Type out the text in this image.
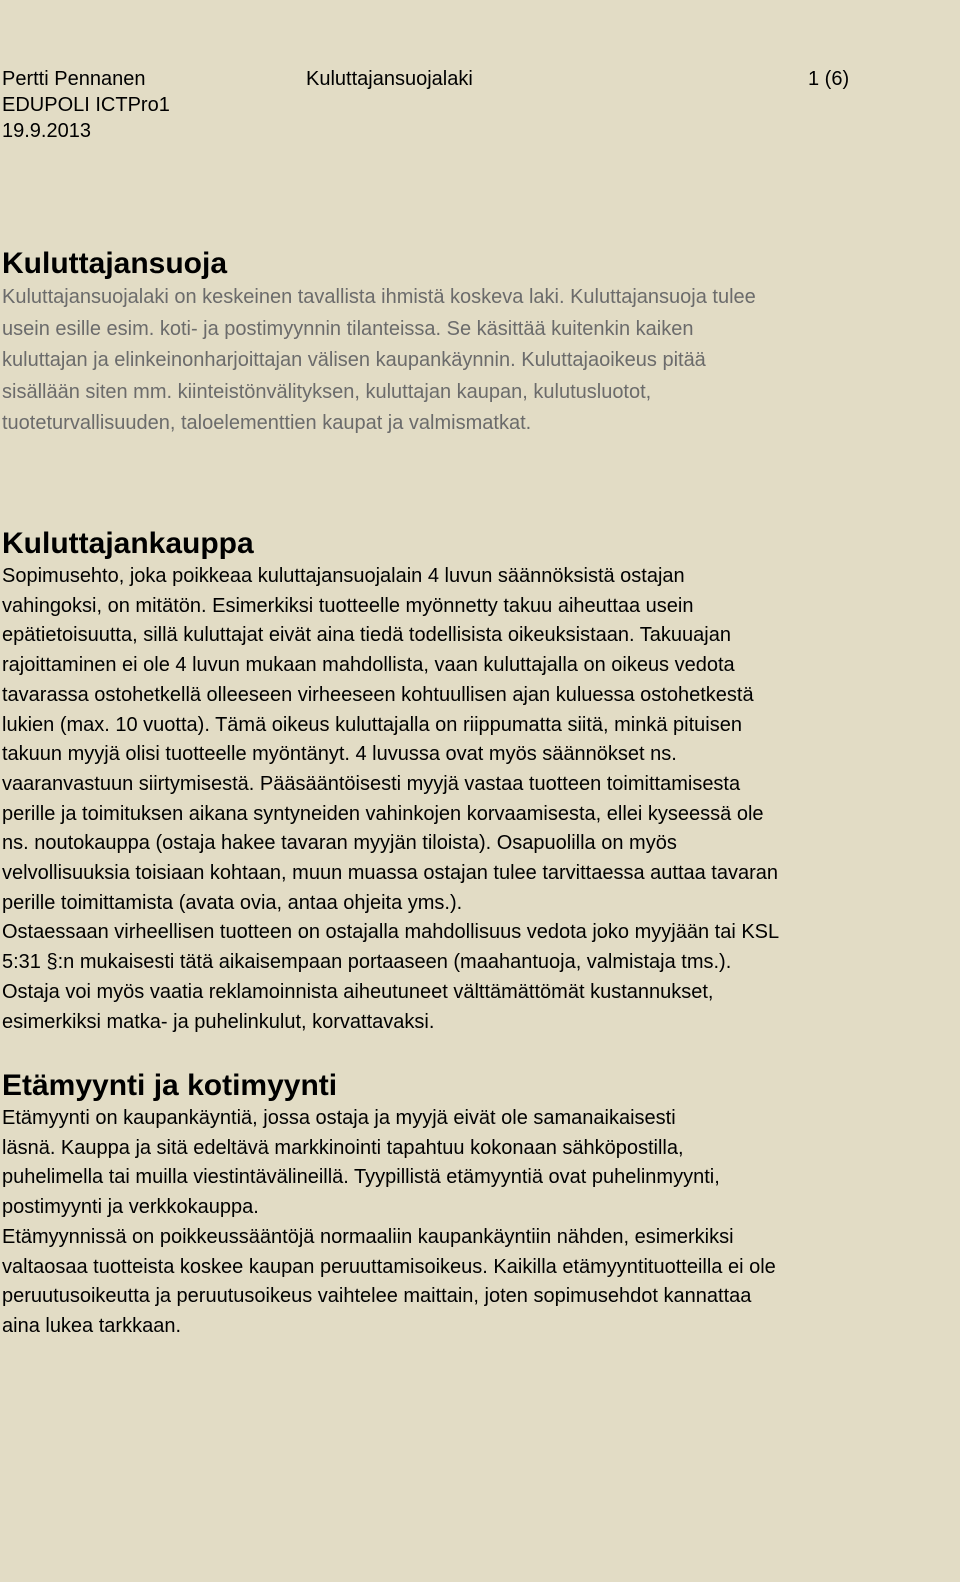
Pertti Pennanen	Kuluttajansuojalaki	1 (6)
EDUPOLI ICTPro1
19.9.2013
Kuluttajansuoja

Kuluttajansuojalaki on keskeinen tavallista ihmistä koskeva laki. Kuluttajansuoja tulee
usein esille esim. koti- ja postimyynnin tilanteissa. Se käsittää kuitenkin kaiken
kuluttajan ja elinkeinonharjoittajan välisen kaupankäynnin. Kuluttajaoikeus pitää
sisällään siten mm. kiinteistönvälityksen, kuluttajan kaupan, kulutusluotot,
tuoteturvallisuuden, taloelementtien kaupat ja valmismatkat.

Kuluttajankauppa

Sopimusehto, joka poikkeaa kuluttajansuojalain 4 luvun säännöksistä ostajan
vahingoksi, on mitätön. Esimerkiksi tuotteelle myönnetty takuu aiheuttaa usein
epätietoisuutta, sillä kuluttajat eivät aina tiedä todellisista oikeuksistaan. Takuuajan
rajoittaminen ei ole 4 luvun mukaan mahdollista, vaan kuluttajalla on oikeus vedota
tavarassa ostohetkellä olleeseen virheeseen kohtuullisen ajan kuluessa ostohetkestä
lukien (max. 10 vuotta). Tämä oikeus kuluttajalla on riippumatta siitä, minkä pituisen
takuun myyjä olisi tuotteelle myöntänyt. 4 luvussa ovat myös säännökset ns.
vaaranvastuun siirtymisestä. Pääsääntöisesti myyjä vastaa tuotteen toimittamisesta
perille ja toimituksen aikana syntyneiden vahinkojen korvaamisesta, ellei kyseessä ole
ns. noutokauppa (ostaja hakee tavaran myyjän tiloista). Osapuolilla on myös
velvollisuuksia toisiaan kohtaan, muun muassa ostajan tulee tarvittaessa auttaa tavaran
perille toimittamista (avata ovia, antaa ohjeita yms.).
Ostaessaan virheellisen tuotteen on ostajalla mahdollisuus vedota joko myyjään tai KSL
5:31 §:n mukaisesti tätä aikaisempaan portaaseen (maahantuoja, valmistaja tms.).
Ostaja voi myös vaatia reklamoinnista aiheutuneet välttämättömät kustannukset,
esimerkiksi matka- ja puhelinkulut, korvattavaksi.

Etämyynti ja kotimyynti

Etämyynti on kaupankäyntiä, jossa ostaja ja myyjä eivät ole samanaikaisesti
läsnä. Kauppa ja sitä edeltävä markkinointi tapahtuu kokonaan sähköpostilla,
puhelimella tai muilla viestintävälineillä. Tyypillistä etämyyntiä ovat puhelinmyynti,
postimyynti ja verkkokauppa.
Etämyynnissä on poikkeussääntöjä normaaliin kaupankäyntiin nähden, esimerkiksi
valtaosaa tuotteista koskee kaupan peruuttamisoikeus. Kaikilla etämyyntituotteilla ei ole
peruutusoikeutta ja peruutusoikeus vaihtelee maittain, joten sopimusehdot kannattaa
aina lukea tarkkaan.
